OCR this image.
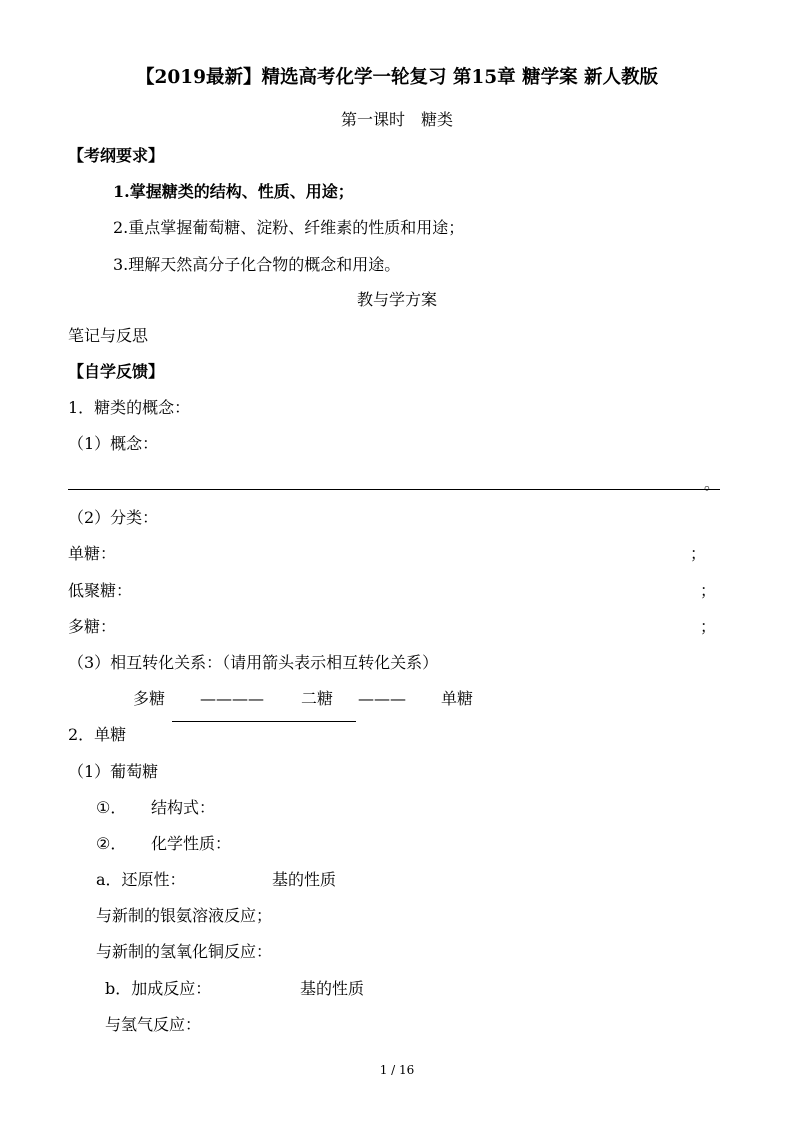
【2019最新】精选高考化学一轮复习 第15章 糖学案 新人教版
第一课时　糖类
【考纲要求】
1.掌握糖类的结构、性质、用途；
2.重点掌握葡萄糖、淀粉、纤维素的性质和用途；
3.理解天然高分子化合物的概念和用途。
教与学方案
笔记与反思
【自学反馈】
1．糖类的概念：
（1）概念：
。
（2）分类：
单糖：	；
低聚糖：	；
多糖：	；
（3）相互转化关系：（请用箭头表示相互转化关系）
多糖 ———— 二糖 ——— 单糖
2．单糖
（1）葡萄糖
①． 结构式：
②． 化学性质：
a．还原性：	基的性质
与新制的银氨溶液反应；
与新制的氢氧化铜反应：
b．加成反应：	基的性质
与氢气反应：
1 / 16
